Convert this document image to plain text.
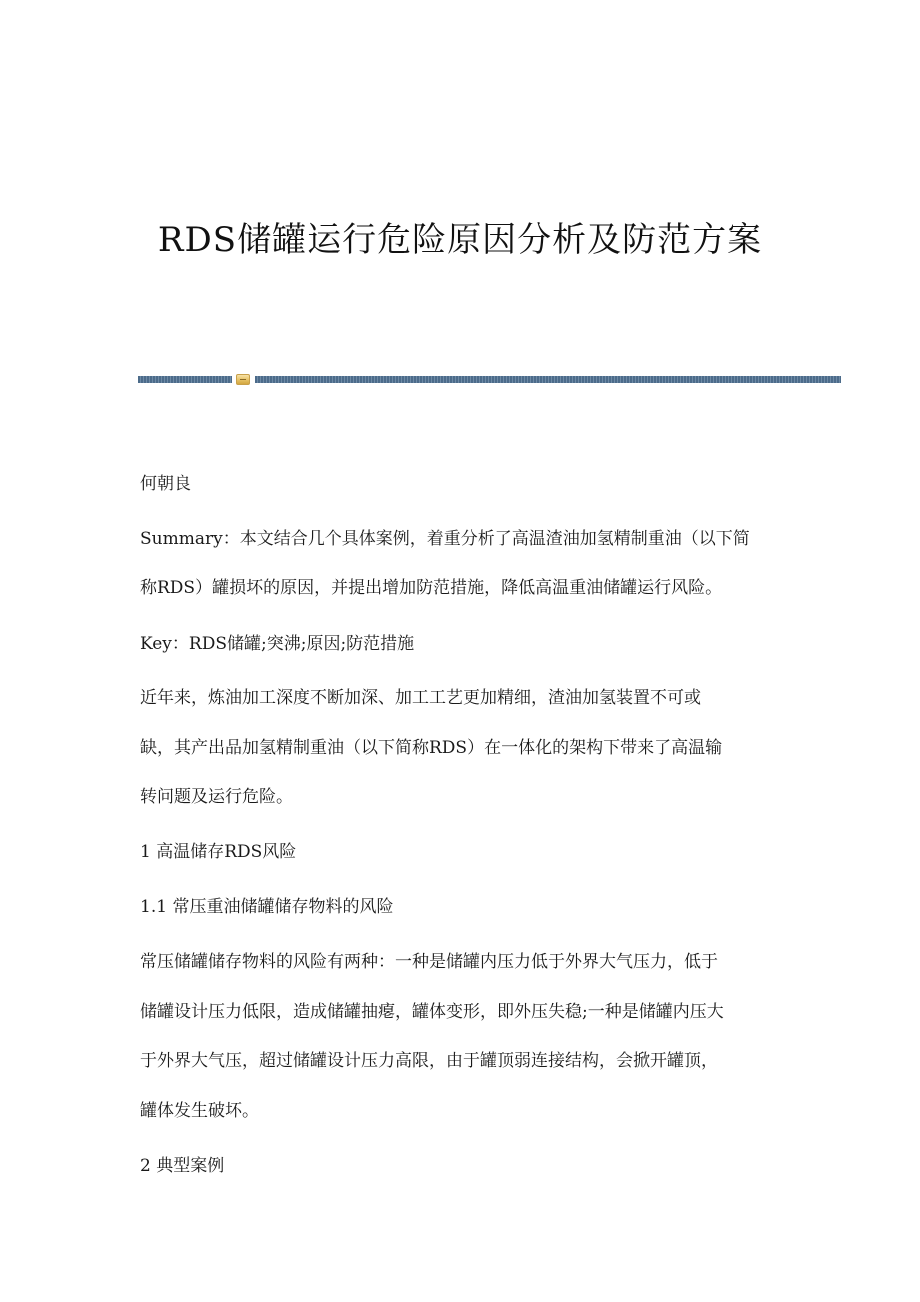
RDS储罐运行危险原因分析及防范方案

何朝良

Summary：本文结合几个具体案例，着重分析了高温渣油加氢精制重油（以下简

称RDS）罐损坏的原因，并提出增加防范措施，降低高温重油储罐运行风险。

Key：RDS储罐;突沸;原因;防范措施

近年来，炼油加工深度不断加深、加工工艺更加精细，渣油加氢装置不可或

缺，其产出品加氢精制重油（以下简称RDS）在一体化的架构下带来了高温输

转问题及运行危险。

1 高温储存RDS风险

1.1 常压重油储罐储存物料的风险

常压储罐储存物料的风险有两种：一种是储罐内压力低于外界大气压力，低于

储罐设计压力低限，造成储罐抽瘪，罐体变形，即外压失稳;一种是储罐内压大

于外界大气压，超过储罐设计压力高限，由于罐顶弱连接结构，会掀开罐顶，

罐体发生破坏。

2 典型案例
